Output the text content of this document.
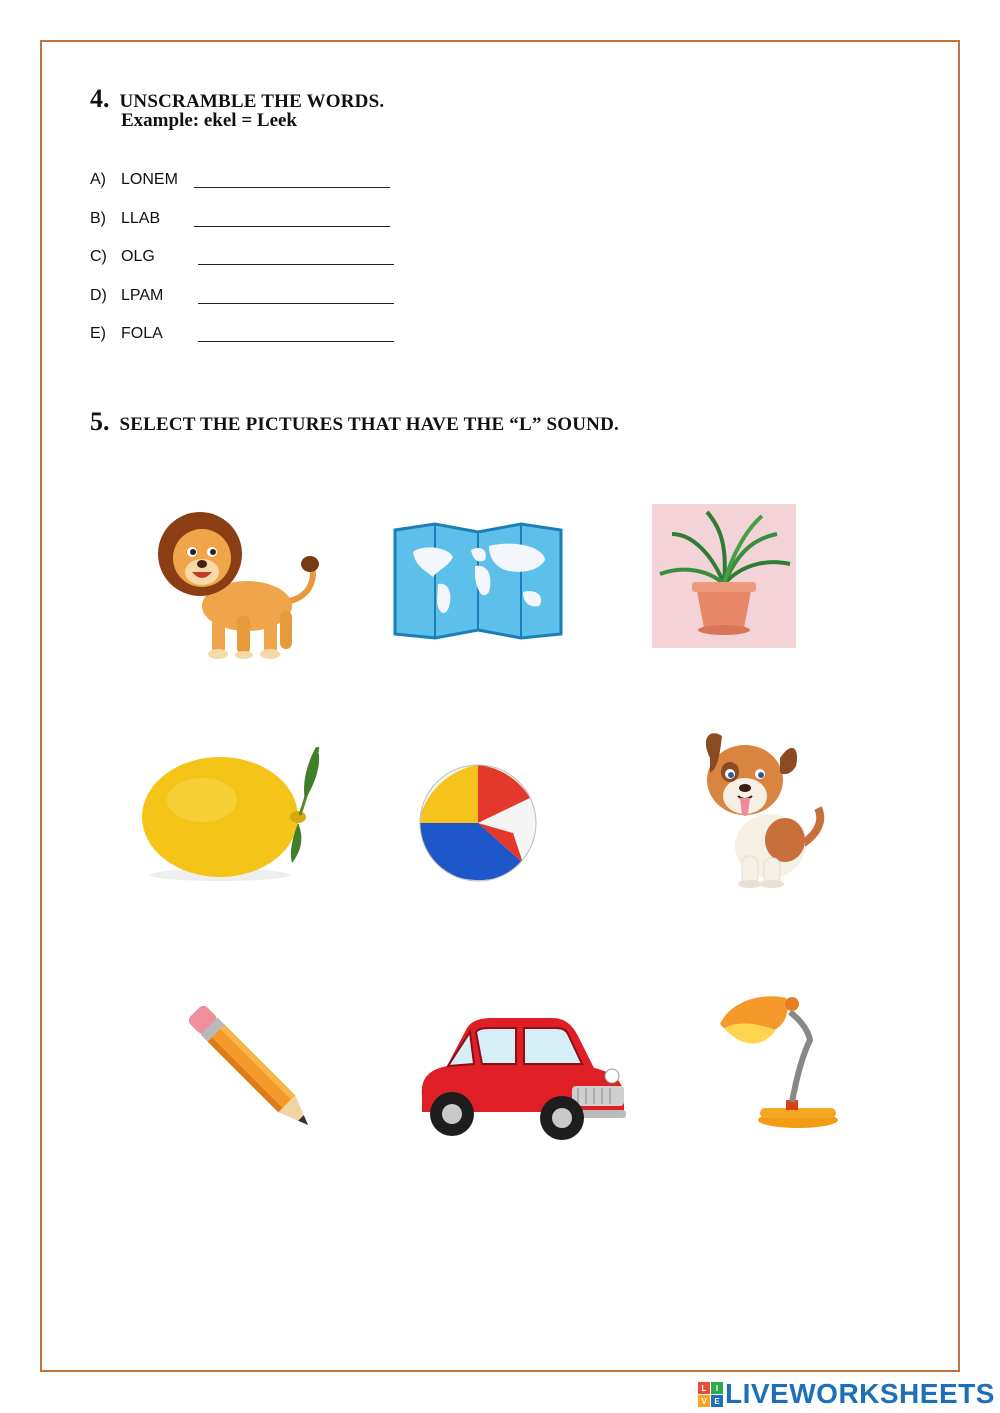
4. UNSCRAMBLE THE WORDS.
Example: ekel = Leek
A) LONEM
B) LLAB
C) OLG
D) LPAM
E) FOLA
5. SELECT THE PICTURES THAT HAVE THE “L” SOUND.
L	I
V E LIVEWORKSHEETS
